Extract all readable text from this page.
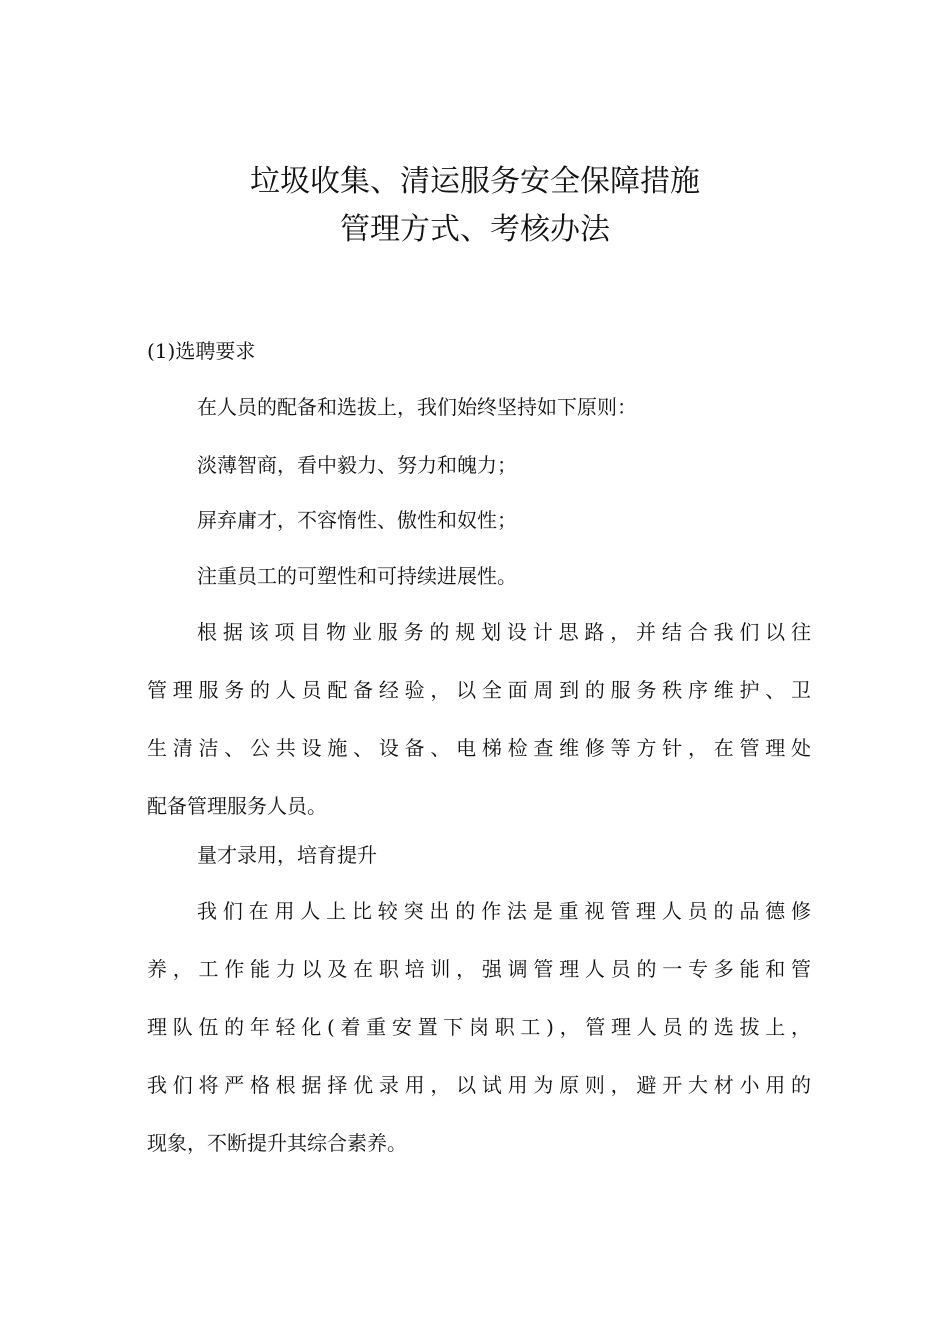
垃圾收集、清运服务安全保障措施

管理方式、考核办法

(1)选聘要求

在人员的配备和选拔上，我们始终坚持如下原则：

淡薄智商，看中毅力、努力和魄力；

屏弃庸才，不容惰性、傲性和奴性；

注重员工的可塑性和可持续进展性。

根据该项目物业服务的规划设计思路，并结合我们以往
管理服务的人员配备经验，以全面周到的服务秩序维护、卫
生清洁、公共设施、设备、电梯检查维修等方针，在管理处
配备管理服务人员。

量才录用，培育提升

我们在用人上比较突出的作法是重视管理人员的品德修
养，工作能力以及在职培训，强调管理人员的一专多能和管
理队伍的年轻化(着重安置下岗职工)，管理人员的选拔上，
我们将严格根据择优录用，以试用为原则，避开大材小用的
现象，不断提升其综合素养。
